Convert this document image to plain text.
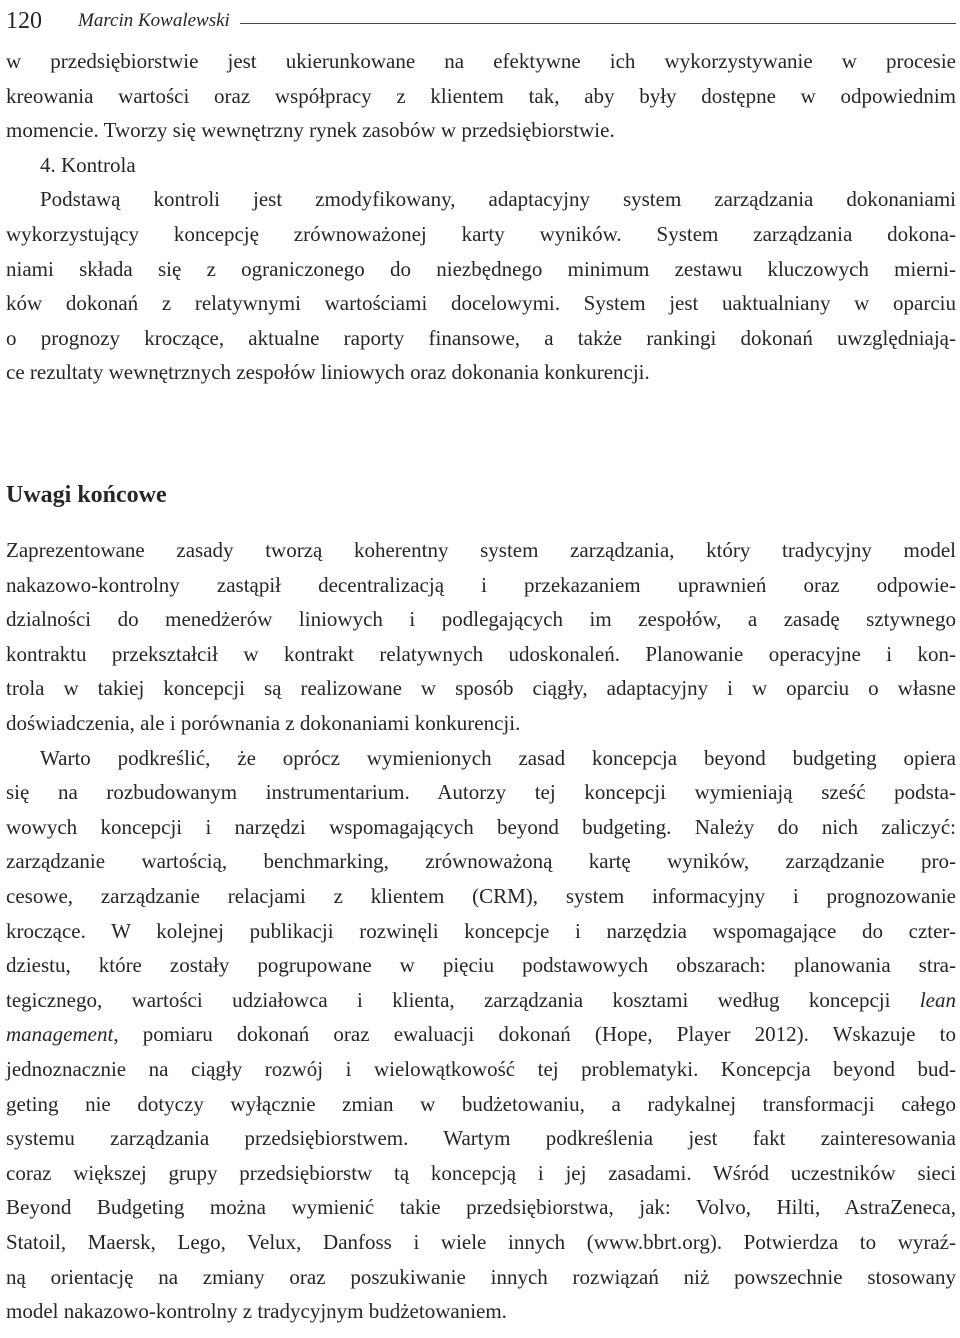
120	Marcin Kowalewski
w przedsiębiorstwie jest ukierunkowane na efektywne ich wykorzystywanie w procesie
kreowania wartości oraz współpracy z klientem tak, aby były dostępne w odpowiednim
momencie. Tworzy się wewnętrzny rynek zasobów w przedsiębiorstwie.
4. Kontrola
Podstawą kontroli jest zmodyfikowany, adaptacyjny system zarządzania dokonaniami
wykorzystujący koncepcję zrównoważonej karty wyników. System zarządzania dokona-
niami składa się z ograniczonego do niezbędnego minimum zestawu kluczowych mierni-
ków dokonań z relatywnymi wartościami docelowymi. System jest uaktualniany w oparciu
o prognozy kroczące, aktualne raporty finansowe, a także rankingi dokonań uwzględniają-
ce rezultaty wewnętrznych zespołów liniowych oraz dokonania konkurencji.
Uwagi końcowe
Zaprezentowane zasady tworzą koherentny system zarządzania, który tradycyjny model
nakazowo-kontrolny zastąpił decentralizacją i przekazaniem uprawnień oraz odpowie-
dzialności do menedżerów liniowych i podlegających im zespołów, a zasadę sztywnego
kontraktu przekształcił w kontrakt relatywnych udoskonaleń. Planowanie operacyjne i kon-
trola w takiej koncepcji są realizowane w sposób ciągły, adaptacyjny i w oparciu o własne
doświadczenia, ale i porównania z dokonaniami konkurencji.
Warto podkreślić, że oprócz wymienionych zasad koncepcja beyond budgeting opiera
się na rozbudowanym instrumentarium. Autorzy tej koncepcji wymieniają sześć podsta-
wowych koncepcji i narzędzi wspomagających beyond budgeting. Należy do nich zaliczyć:
zarządzanie wartością, benchmarking, zrównoważoną kartę wyników, zarządzanie pro-
cesowe, zarządzanie relacjami z klientem (CRM), system informacyjny i prognozowanie
kroczące. W kolejnej publikacji rozwinęli koncepcje i narzędzia wspomagające do czter-
dziestu, które zostały pogrupowane w pięciu podstawowych obszarach: planowania stra-
tegicznego, wartości udziałowca i klienta, zarządzania kosztami według koncepcji lean
management, pomiaru dokonań oraz ewaluacji dokonań (Hope, Player 2012). Wskazuje to
jednoznacznie na ciągły rozwój i wielowątkowość tej problematyki. Koncepcja beyond bud-
geting nie dotyczy wyłącznie zmian w budżetowaniu, a radykalnej transformacji całego
systemu zarządzania przedsiębiorstwem. Wartym podkreślenia jest fakt zainteresowania
coraz większej grupy przedsiębiorstw tą koncepcją i jej zasadami. Wśród uczestników sieci
Beyond Budgeting można wymienić takie przedsiębiorstwa, jak: Volvo, Hilti, AstraZeneca,
Statoil, Maersk, Lego, Velux, Danfoss i wiele innych (www.bbrt.org). Potwierdza to wyraź-
ną orientację na zmiany oraz poszukiwanie innych rozwiązań niż powszechnie stosowany
model nakazowo-kontrolny z tradycyjnym budżetowaniem.
